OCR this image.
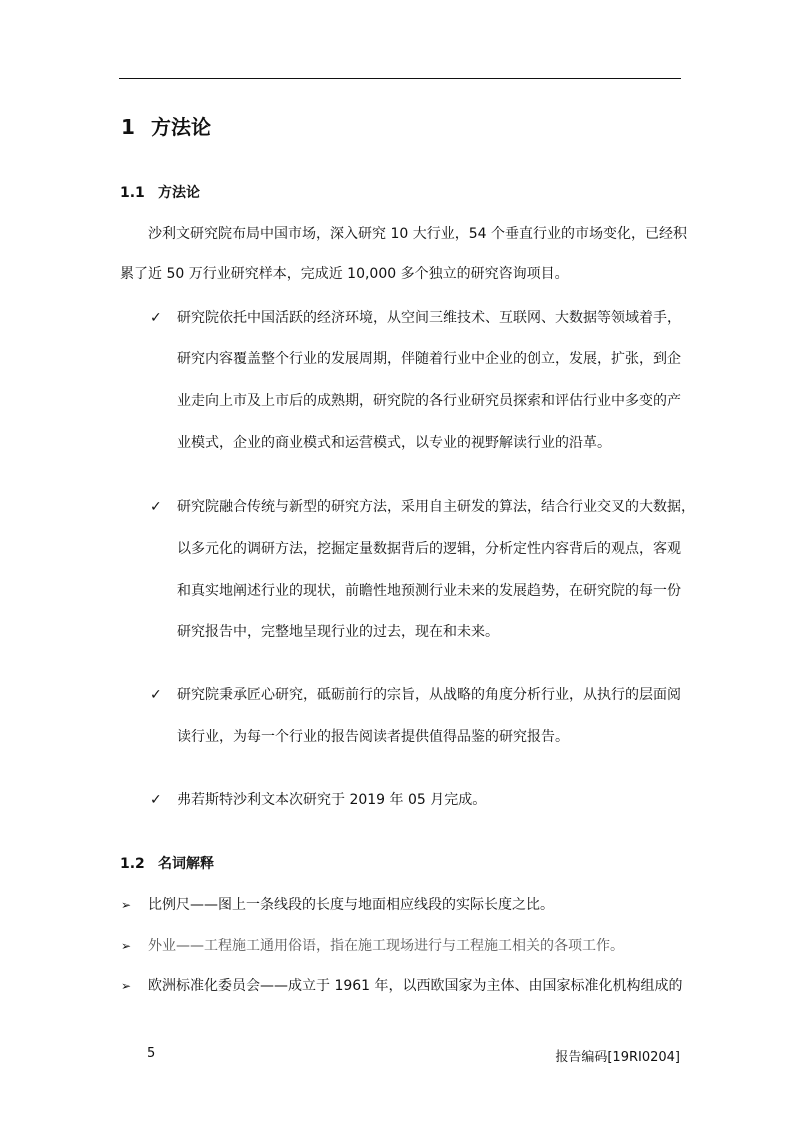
1 方法论
1.1 方法论
沙利文研究院布局中国市场，深入研究 10 大行业，54 个垂直行业的市场变化，已经积
累了近 50 万行业研究样本，完成近 10,000 多个独立的研究咨询项目。
✓ 研究院依托中国活跃的经济环境，从空间三维技术、互联网、大数据等领域着手，
研究内容覆盖整个行业的发展周期，伴随着行业中企业的创立，发展，扩张，到企
业走向上市及上市后的成熟期，研究院的各行业研究员探索和评估行业中多变的产
业模式，企业的商业模式和运营模式，以专业的视野解读行业的沿革。
✓ 研究院融合传统与新型的研究方法，采用自主研发的算法，结合行业交叉的大数据，
以多元化的调研方法，挖掘定量数据背后的逻辑，分析定性内容背后的观点，客观
和真实地阐述行业的现状，前瞻性地预测行业未来的发展趋势，在研究院的每一份
研究报告中，完整地呈现行业的过去，现在和未来。
✓ 研究院秉承匠心研究，砥砺前行的宗旨，从战略的角度分析行业，从执行的层面阅
读行业，为每一个行业的报告阅读者提供值得品鉴的研究报告。
✓ 弗若斯特沙利文本次研究于 2019 年 05 月完成。
1.2 名词解释
➢ 比例尺——图上一条线段的长度与地面相应线段的实际长度之比。
➢ 外业——工程施工通用俗语，指在施工现场进行与工程施工相关的各项工作。
➢ 欧洲标准化委员会——成立于 1961 年，以西欧国家为主体、由国家标准化机构组成的
5	报告编码[19RI0204]
